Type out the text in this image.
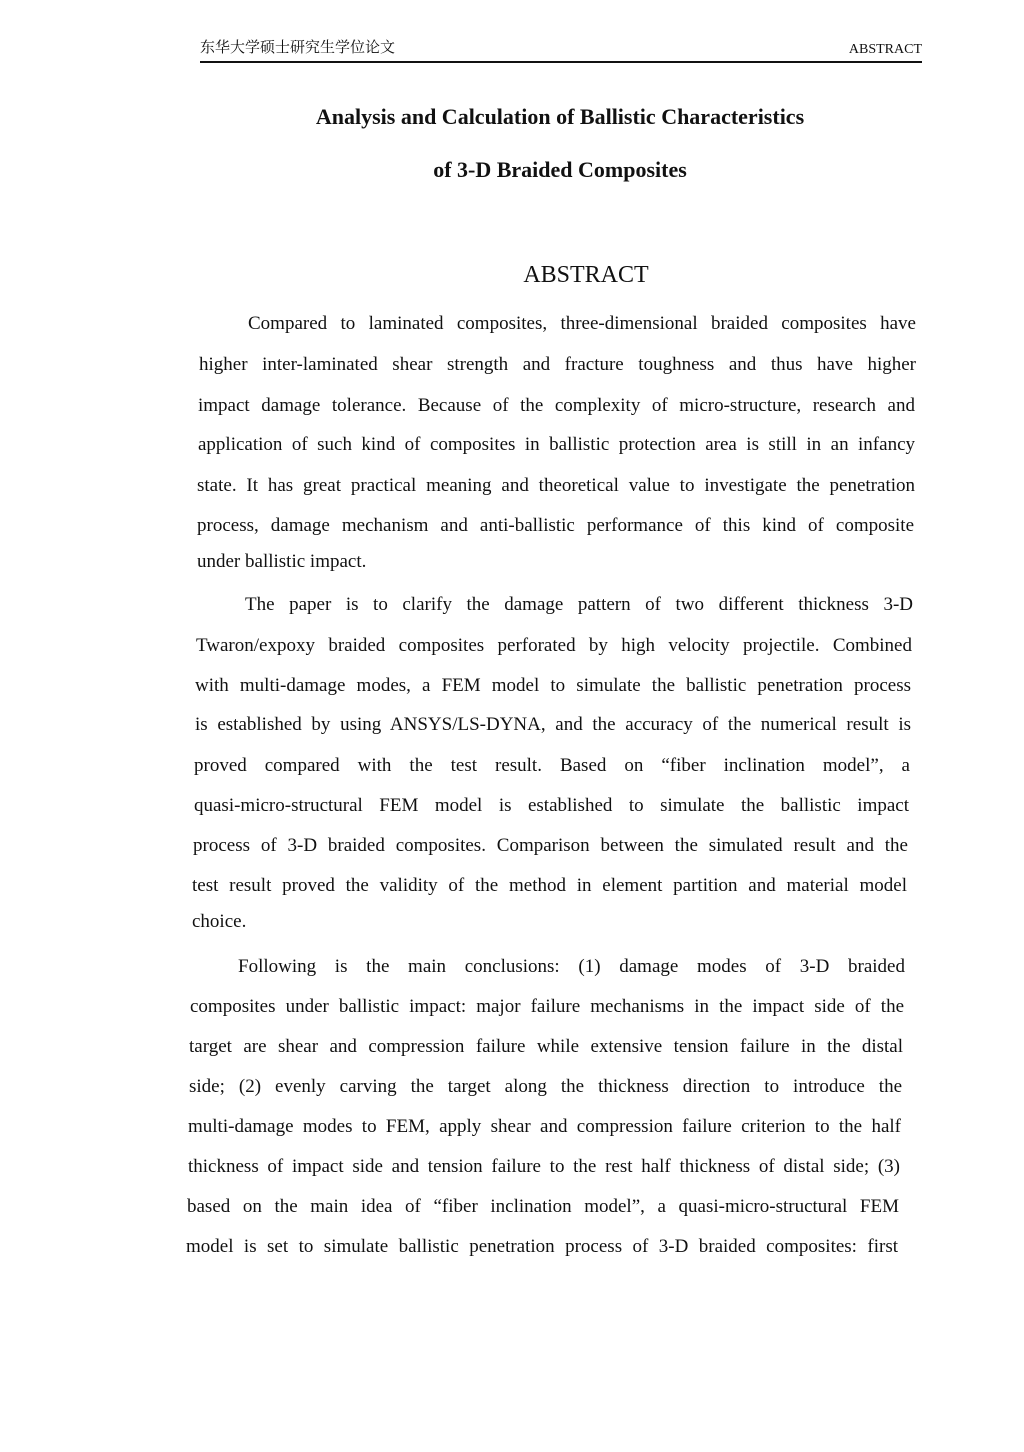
东华大学硕士研究生学位论文	ABSTRACT
Analysis and Calculation of Ballistic Characteristics
of 3-D Braided Composites
ABSTRACT
Compared to laminated composites, three-dimensional braided composites have
higher inter-laminated shear strength and fracture toughness and thus have higher
impact damage tolerance. Because of the complexity of micro-structure, research and
application of such kind of composites in ballistic protection area is still in an infancy
state. It has great practical meaning and theoretical value to investigate the penetration
process, damage mechanism and anti-ballistic performance of this kind of composite
under ballistic impact.
The paper is to clarify the damage pattern of two different thickness 3-D
Twaron/expoxy braided composites perforated by high velocity projectile. Combined
with multi-damage modes, a FEM model to simulate the ballistic penetration process
is established by using ANSYS/LS-DYNA, and the accuracy of the numerical result is
proved compared with the test result. Based on “fiber inclination model”, a
quasi-micro-structural FEM model is established to simulate the ballistic impact
process of 3-D braided composites. Comparison between the simulated result and the
test result proved the validity of the method in element partition and material model
choice.
Following is the main conclusions: (1) damage modes of 3-D braided
composites under ballistic impact: major failure mechanisms in the impact side of the
target are shear and compression failure while extensive tension failure in the distal
side; (2) evenly carving the target along the thickness direction to introduce the
multi-damage modes to FEM, apply shear and compression failure criterion to the half
thickness of impact side and tension failure to the rest half thickness of distal side; (3)
based on the main idea of “fiber inclination model”, a quasi-micro-structural FEM
model is set to simulate ballistic penetration process of 3-D braided composites: first
